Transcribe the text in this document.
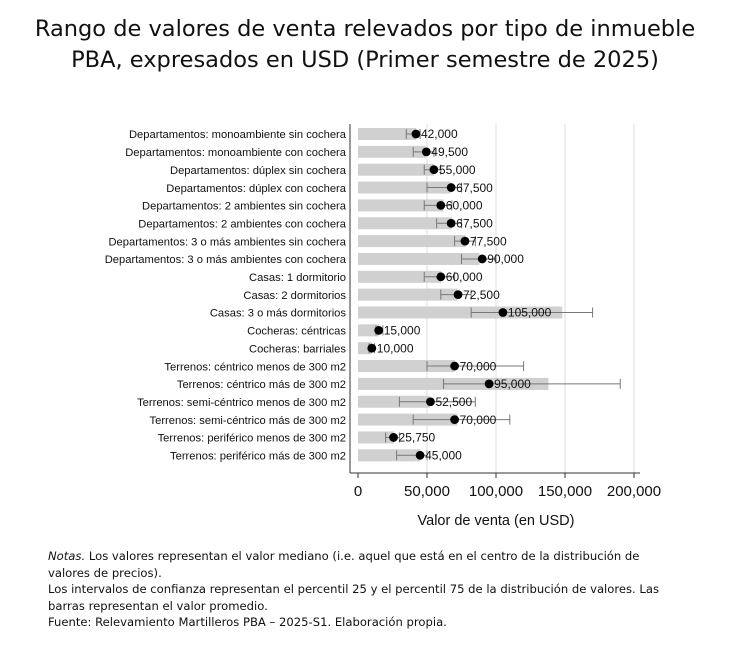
Rango de valores de venta relevados por tipo de inmueble
PBA, expresados en USD (Primer semestre de 2025)
42,000
49,500
55,000
67,500
60,000
67,500
77,500
90,000
60,000
72,500
105,000
15,000
10,000
70,000
95,000
52,500
70,000
25,750
45,000
Departamentos: monoambiente sin cochera
Departamentos: monoambiente con cochera
Departamentos: dúplex sin cochera
Departamentos: dúplex con cochera
Departamentos: 2 ambientes sin cochera
Departamentos: 2 ambientes con cochera
Departamentos: 3 o más ambientes sin cochera
Departamentos: 3 o más ambientes con cochera
Casas: 1 dormitorio
Casas: 2 dormitorios
Casas: 3 o más dormitorios
Cocheras: céntricas
Cocheras: barriales
Terrenos: céntrico menos de 300 m2
Terrenos: céntrico más de 300 m2
Terrenos: semi-céntrico menos de 300 m2
Terrenos: semi-céntrico más de 300 m2
Terrenos: periférico menos de 300 m2
Terrenos: periférico más de 300 m2
0	50,000 100,000 150,000 200,000
Valor de venta (en USD)

Notas. Los valores representan el valor mediano (i.e. aquel que está en el centro de la distribución de valores de precios).

Los intervalos de confianza representan el percentil 25 y el percentil 75 de la distribución de valores. Las barras representan el valor promedio.

Fuente: Relevamiento Martilleros PBA – 2025-S1. Elaboración propia.
